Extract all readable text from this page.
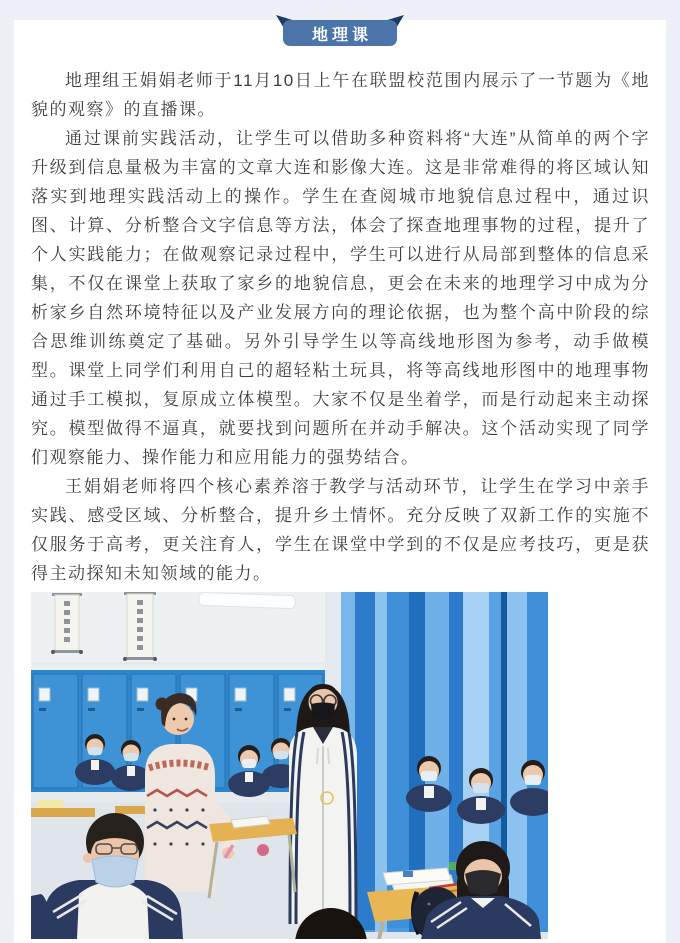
地理课

地理组王娟娟老师于11月10日上午在联盟校范围内展示了一节题为《地貌的观察》的直播课。

通过课前实践活动，让学生可以借助多种资料将“大连”从简单的两个字升级到信息量极为丰富的文章大连和影像大连。这是非常难得的将区域认知落实到地理实践活动上的操作。学生在查阅城市地貌信息过程中，通过识图、计算、分析整合文字信息等方法，体会了探查地理事物的过程，提升了个人实践能力；在做观察记录过程中，学生可以进行从局部到整体的信息采集，不仅在课堂上获取了家乡的地貌信息，更会在未来的地理学习中成为分析家乡自然环境特征以及产业发展方向的理论依据，也为整个高中阶段的综合思维训练奠定了基础。另外引导学生以等高线地形图为参考，动手做模型。课堂上同学们利用自己的超轻粘土玩具，将等高线地形图中的地理事物通过手工模拟，复原成立体模型。大家不仅是坐着学，而是行动起来主动探究。模型做得不逼真，就要找到问题所在并动手解决。这个活动实现了同学们观察能力、操作能力和应用能力的强势结合。

王娟娟老师将四个核心素养溶于教学与活动环节，让学生在学习中亲手实践、感受区域、分析整合，提升乡土情怀。充分反映了双新工作的实施不仅服务于高考，更关注育人，学生在课堂中学到的不仅是应考技巧，更是获得主动探知未知领域的能力。
